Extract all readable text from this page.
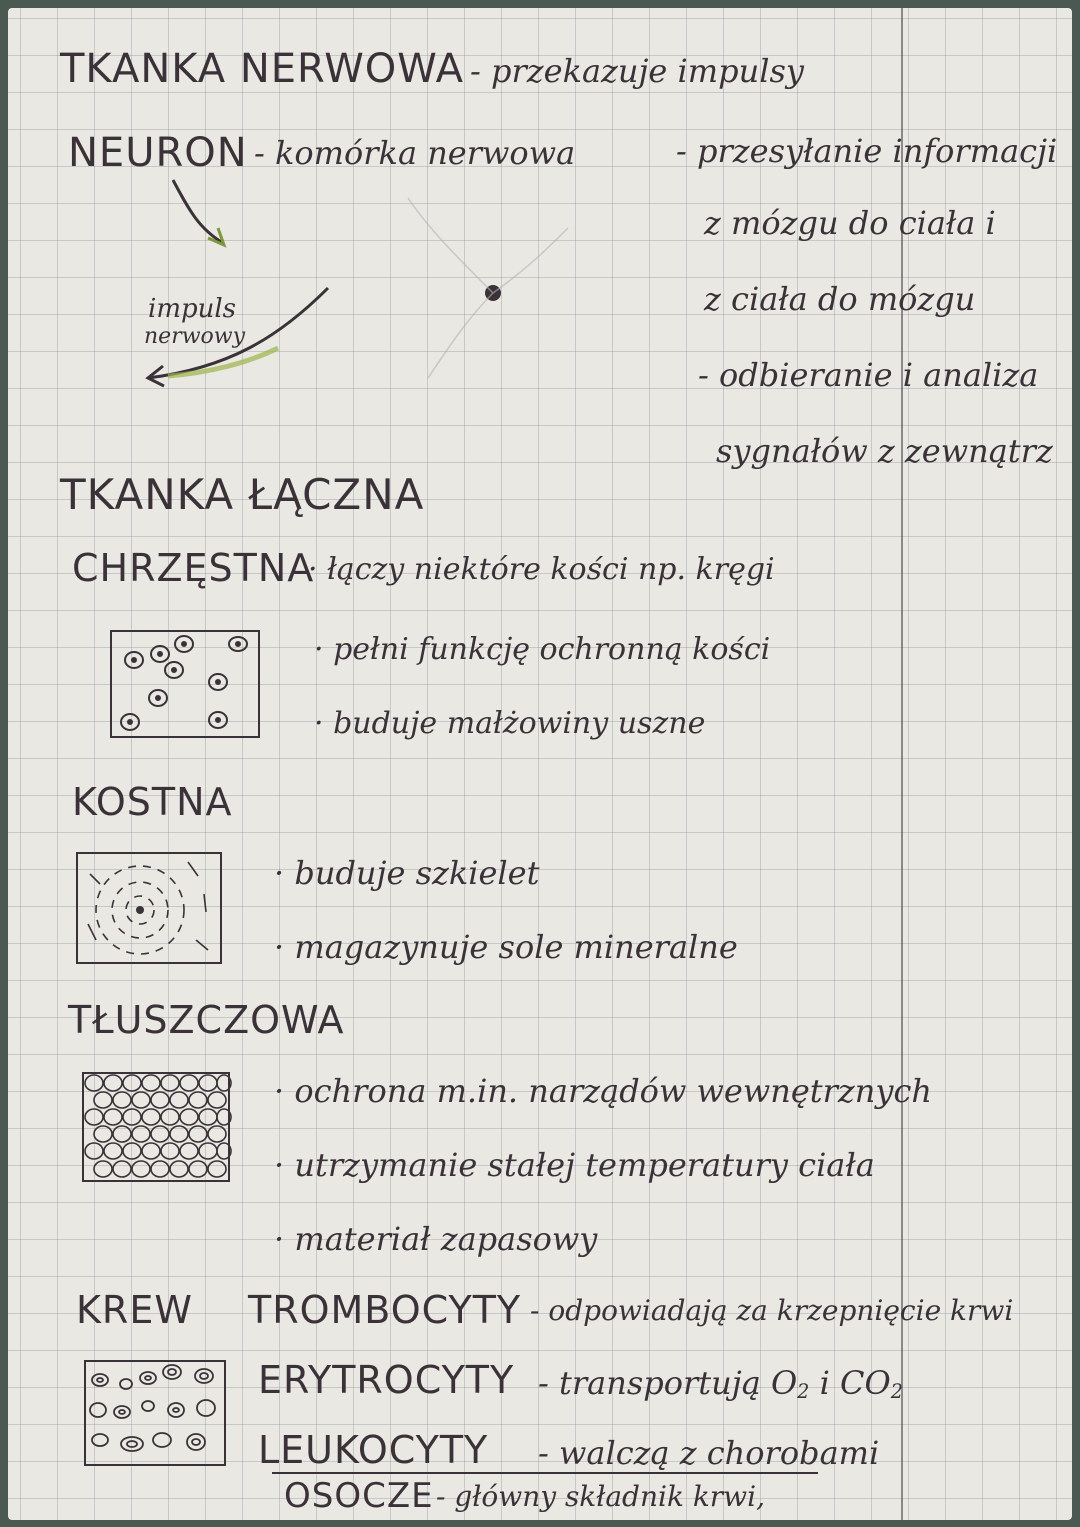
TKANKA NERWOWA - przekazuje impulsy
NEURON - komórka nerwowa
impuls
nerwowy
- przesyłanie informacji
z mózgu do ciała i
z ciała do mózgu
- odbieranie i analiza
sygnałów z zewnątrz
TKANKA ŁĄCZNA
CHRZĘSTNA
· łączy niektóre kości np. kręgi
· pełni funkcję ochronną kości
· buduje małżowiny uszne
KOSTNA
· buduje szkielet
· magazynuje sole mineralne
TŁUSZCZOWA
· ochrona m.in. narządów wewnętrznych
· utrzymanie stałej temperatury ciała
· materiał zapasowy
KREW TROMBOCYTY - odpowiadają za krzepnięcie krwi
ERYTROCYTY - transportują $O_2$ i $CO_2$
LEUKOCYTY - walczą z chorobami
OSOCZE - główny składnik krwi,
